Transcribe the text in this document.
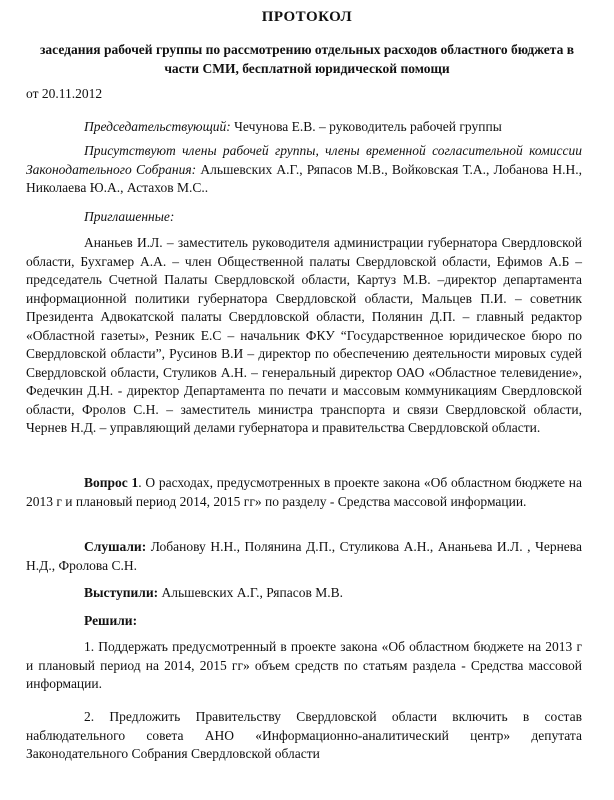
ПРОТОКОЛ
заседания рабочей группы по рассмотрению отдельных расходов областного бюджета в части СМИ, бесплатной юридической помощи
от 20.11.2012

Председательствующий: Чечунова Е.В. – руководитель рабочей группы

Присутствуют члены рабочей группы, члены временной согласительной комиссии Законодательного Собрания: Альшевских А.Г., Ряпасов М.В., Войковская Т.А., Лобанова Н.Н., Николаева Ю.А., Астахов М.С..

Приглашенные:

Ананьев И.Л. – заместитель руководителя администрации губернатора Свердловской области, Бухгамер А.А. – член Общественной палаты Свердловской области, Ефимов А.Б – председатель Счетной Палаты Свердловской области, Картуз М.В. –директор департамента информационной политики губернатора Свердловской области, Мальцев П.И. – советник Президента Адвокатской палаты Свердловской области, Полянин Д.П. – главный редактор «Областной газеты», Резник Е.С – начальник ФКУ “Государственное юридическое бюро по Свердловской области”, Русинов В.И – директор по обеспечению деятельности мировых судей Свердловской области, Стуликов А.Н. – генеральный директор ОАО «Областное телевидение», Федечкин Д.Н. - директор Департамента по печати и массовым коммуникациям Свердловской области, Фролов С.Н. – заместитель министра транспорта и связи Свердловской области, Чернев Н.Д. – управляющий делами губернатора и правительства Свердловской области.

Вопрос 1. О расходах, предусмотренных в проекте закона «Об областном бюджете на 2013 г и плановый период 2014, 2015 гг» по разделу - Средства массовой информации.

Слушали: Лобанову Н.Н., Полянина Д.П., Стуликова А.Н., Ананьева И.Л. , Чернева Н.Д., Фролова С.Н.

Выступили: Альшевских А.Г., Ряпасов М.В.

Решили:

1. Поддержать предусмотренный в проекте закона «Об областном бюджете на 2013 г и плановый период на 2014, 2015 гг» объем средств по статьям раздела - Средства массовой информации.

2. Предложить Правительству Свердловской области включить в состав наблюдательного совета АНО «Информационно-аналитический центр» депутата Законодательного Собрания Свердловской области
